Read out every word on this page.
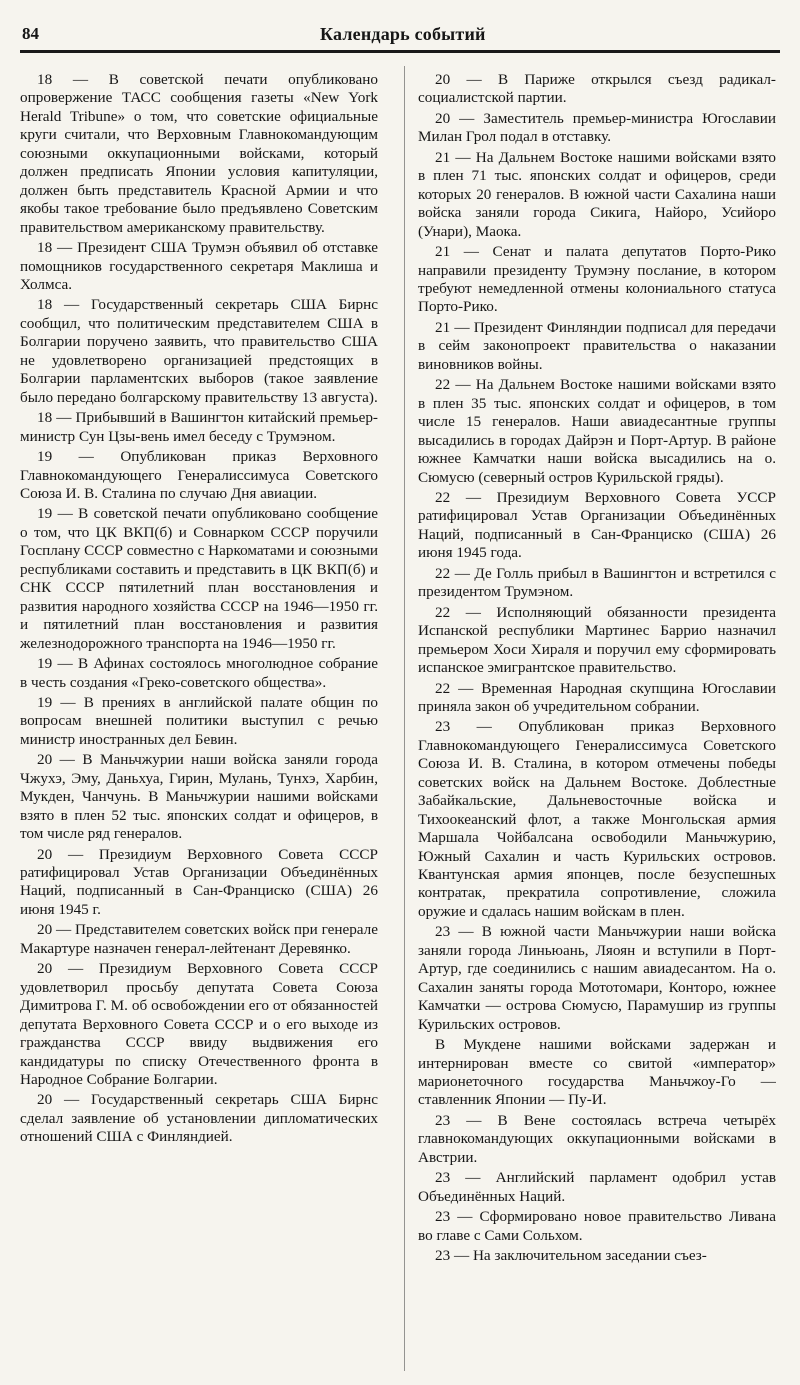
84	Календарь событий

18 — В советской печати опубликовано опровержение ТАСС сообщения газеты «New York Herald Tribune» о том, что советские официальные круги считали, что Верховным Главнокомандующим союзными оккупационными войсками, который должен предписать Японии условия капитуляции, должен быть представитель Красной Армии и что якобы такое требование было предъявлено Советским правительством американскому правительству.

18 — Президент США Трумэн объявил об отставке помощников государственного секретаря Маклиша и Холмса.

18 — Государственный секретарь США Бирнс сообщил, что политическим представителем США в Болгарии поручено заявить, что правительство США не удовлетворено организацией предстоящих в Болгарии парламентских выборов (такое заявление было передано болгарскому правительству 13 августа).

18 — Прибывший в Вашингтон китайский премьер-министр Сун Цзы-вень имел беседу с Трумэном.

19 — Опубликован приказ Верховного Главнокомандующего Генералиссимуса Советского Союза И. В. Сталина по случаю Дня авиации.

19 — В советской печати опубликовано сообщение о том, что ЦК ВКП(б) и Совнарком СССР поручили Госплану СССР совместно с Наркоматами и союзными республиками составить и представить в ЦК ВКП(б) и СНК СССР пятилетний план восстановления и развития народного хозяйства СССР на 1946—1950 гг. и пятилетний план восстановления и развития железнодорожного транспорта на 1946—1950 гг.

19 — В Афинах состоялось многолюдное собрание в честь создания «Греко-советского общества».

19 — В прениях в английской палате общин по вопросам внешней политики выступил с речью министр иностранных дел Бевин.

20 — В Маньчжурии наши войска заняли города Чжухэ, Эму, Даньхуа, Гирин, Мулань, Тунхэ, Харбин, Мукден, Чанчунь. В Маньчжурии нашими войсками взято в плен 52 тыс. японских солдат и офицеров, в том числе ряд генералов.

20 — Президиум Верховного Совета СССР ратифицировал Устав Организации Объединённых Наций, подписанный в Сан-Франциско (США) 26 июня 1945 г.

20 — Представителем советских войск при генерале Макартуре назначен генерал-лейтенант Деревянко.

20 — Президиум Верховного Совета СССР удовлетворил просьбу депутата Совета Союза Димитрова Г. М. об освобождении его от обязанностей депутата Верховного Совета СССР и о его выходе из гражданства СССР ввиду выдвижения его кандидатуры по списку Отечественного фронта в Народное Собрание Болгарии.

20 — Государственный секретарь США Бирнс сделал заявление об установлении дипломатических отношений США с Финляндией.

20 — В Париже открылся съезд радикал-социалистской партии.

20 — Заместитель премьер-министра Югославии Милан Грол подал в отставку.

21 — На Дальнем Востоке нашими войсками взято в плен 71 тыс. японских солдат и офицеров, среди которых 20 генералов. В южной части Сахалина наши войска заняли города Сикига, Найоро, Усийоро (Унари), Маока.

21 — Сенат и палата депутатов Порто-Рико направили президенту Трумэну послание, в котором требуют немедленной отмены колониального статуса Порто-Рико.

21 — Президент Финляндии подписал для передачи в сейм законопроект правительства о наказании виновников войны.

22 — На Дальнем Востоке нашими войсками взято в плен 35 тыс. японских солдат и офицеров, в том числе 15 генералов. Наши авиадесантные группы высадились в городах Дайрэн и Порт-Артур. В районе южнее Камчатки наши войска высадились на о. Сюмусю (северный остров Курильской гряды).

22 — Президиум Верховного Совета УССР ратифицировал Устав Организации Объединённых Наций, подписанный в Сан-Франциско (США) 26 июня 1945 года.

22 — Де Голль прибыл в Вашингтон и встретился с президентом Трумэном.

22 — Исполняющий обязанности президента Испанской республики Мартинес Баррио назначил премьером Хоси Хираля и поручил ему сформировать испанское эмигрантское правительство.

22 — Временная Народная скупщина Югославии приняла закон об учредительном собрании.

23 — Опубликован приказ Верховного Главнокомандующего Генералиссимуса Советского Союза И. В. Сталина, в котором отмечены победы советских войск на Дальнем Востоке. Доблестные Забайкальские, Дальневосточные войска и Тихоокеанский флот, а также Монгольская армия Маршала Чойбалсана освободили Маньчжурию, Южный Сахалин и часть Курильских островов. Квантунская армия японцев, после безуспешных контратак, прекратила сопротивление, сложила оружие и сдалась нашим войскам в плен.

23 — В южной части Маньчжурии наши войска заняли города Линьюань, Ляоян и вступили в Порт-Артур, где соединились с нашим авиадесантом. На о. Сахалин заняты города Мототомари, Конторо, южнее Камчатки — острова Сюмусю, Парамушир из группы Курильских островов.

В Мукдене нашими войсками задержан и интернирован вместе со свитой «император» марионеточного государства Маньчжоу-Го — ставленник Японии — Пу-И.

23 — В Вене состоялась встреча четырёх главнокомандующих оккупационными войсками в Австрии.

23 — Английский парламент одобрил устав Объединённых Наций.

23 — Сформировано новое правительство Ливана во главе с Сами Сольхом.

23 — На заключительном заседании съез-
